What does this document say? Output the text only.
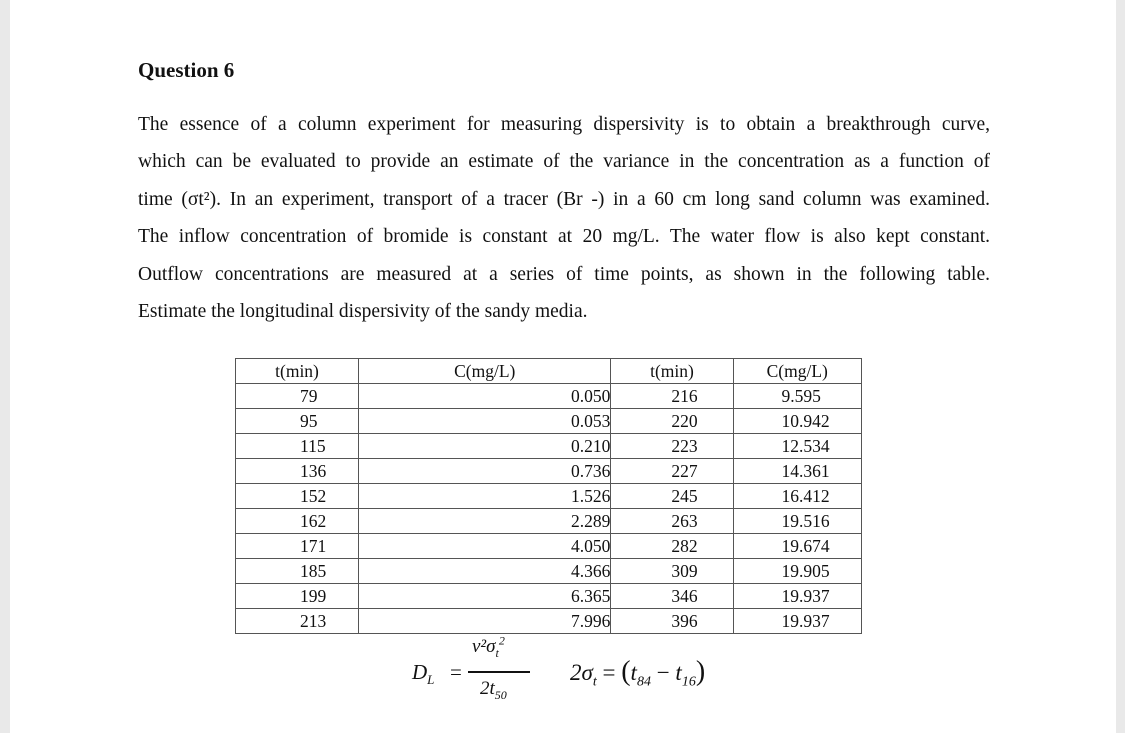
Question 6
The essence of a column experiment for measuring dispersivity is to obtain a breakthrough curve,
which can be evaluated to provide an estimate of the variance in the concentration as a function of
time (σt²). In an experiment, transport of a tracer (Br -) in a 60 cm long sand column was examined.
The inflow concentration of bromide is constant at 20 mg/L. The water flow is also kept constant.
Outflow concentrations are measured at a series of time points, as shown in the following table.
Estimate the longitudinal dispersivity of the sandy media.
t(min)	C(mg/L)	t(min)	C(mg/L)
79	0.050	216	9.595
95	0.053	220	10.942
115	0.210	223	12.534
136	0.736	227	14.361
152	1.526	245	16.412
162	2.289	263	19.516
171	4.050	282	19.674
185	4.366	309	19.905
199	6.365	346	19.937
213	7.996	396	19.937
$D_L$ =
$v^2\sigma_t^2$
$2t_{50}$
$2\sigma_t = (t_{84} - t_{16})$
